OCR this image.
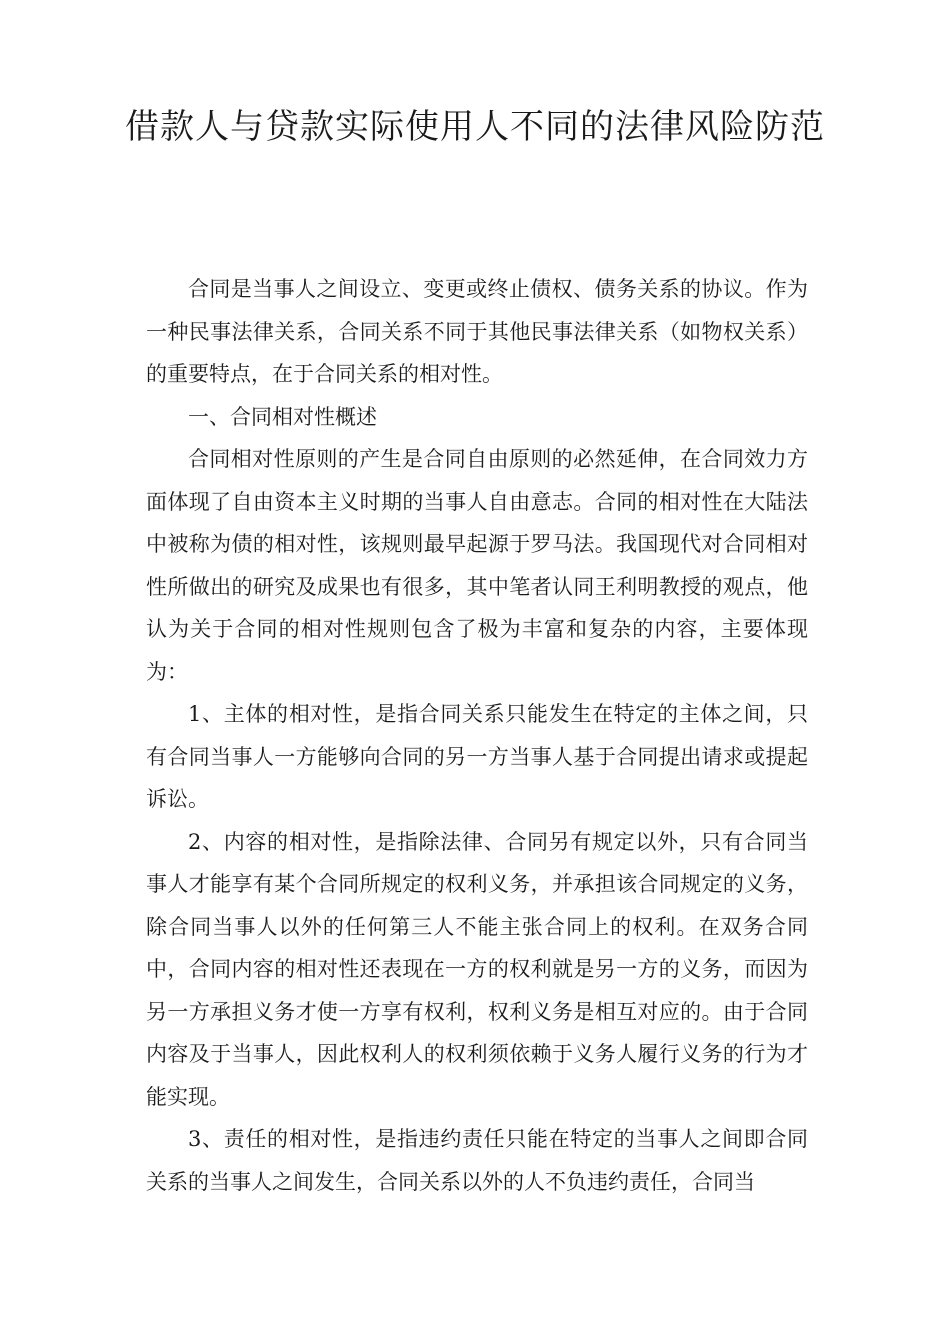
借款人与贷款实际使用人不同的法律风险防范

合同是当事人之间设立、变更或终止债权、债务关系的协议。作为一种民事法律关系，合同关系不同于其他民事法律关系（如物权关系）的重要特点，在于合同关系的相对性。

一、合同相对性概述

合同相对性原则的产生是合同自由原则的必然延伸，在合同效力方面体现了自由资本主义时期的当事人自由意志。合同的相对性在大陆法中被称为债的相对性，该规则最早起源于罗马法。我国现代对合同相对性所做出的研究及成果也有很多，其中笔者认同王利明教授的观点，他认为关于合同的相对性规则包含了极为丰富和复杂的内容，主要体现为：

1、主体的相对性，是指合同关系只能发生在特定的主体之间，只有合同当事人一方能够向合同的另一方当事人基于合同提出请求或提起诉讼。

2、内容的相对性，是指除法律、合同另有规定以外，只有合同当事人才能享有某个合同所规定的权利义务，并承担该合同规定的义务，除合同当事人以外的任何第三人不能主张合同上的权利。在双务合同中，合同内容的相对性还表现在一方的权利就是另一方的义务，而因为另一方承担义务才使一方享有权利，权利义务是相互对应的。由于合同内容及于当事人，因此权利人的权利须依赖于义务人履行义务的行为才能实现。

3、责任的相对性，是指违约责任只能在特定的当事人之间即合同关系的当事人之间发生，合同关系以外的人不负违约责任，合同当
